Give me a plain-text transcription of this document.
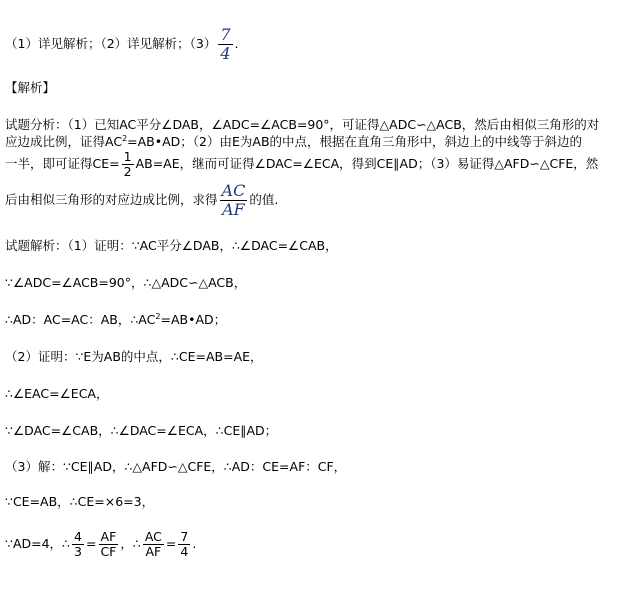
（1）详见解析；（2）详见解析；$(3) \frac{7}{4}$ .
【解析】
试题分析：（1）已知AC平分∠DAB，∠ADC=∠ACB=90°，可证得△ADC∽△ACB，然后由相似三角形的对
应边成比例，证得$AC^2=AB•AD$；（2）由E为AB的中点，根据在直角三角形中，斜边上的中线等于斜边的
一半，即可证得$CE= \frac{1}{2} AB=AE$，继而可证得∠DAC=∠ECA，得到CE∥AD；（3）易证得△AFD∽△CFE，然
后由相似三角形的对应边成比例，求得 $\frac{AC}{AF}$ 的值.
试题解析：（1）证明：∵AC平分∠DAB，∴∠DAC=∠CAB，
∵∠ADC=∠ACB=90°，∴△ADC∽△ACB，
∴AD：AC=AC：AB，$\therefore AC^2=AB•AD$；
（2）证明：∵E为AB的中点，∴CE=AB=AE，
∴∠EAC=∠ECA，
∵∠DAC=∠CAB，∴∠DAC=∠ECA，∴CE∥AD；
（3）解：∵CE∥AD，∴△AFD∽△CFE，∴AD：CE=AF：CF，
∵CE=AB，∴CE=×6=3，
∵AD=4，∴ $\frac{4}{3} = \frac{AF}{CF}$ ，∴ $\frac{AC}{AF} = \frac{7}{4}$ .
